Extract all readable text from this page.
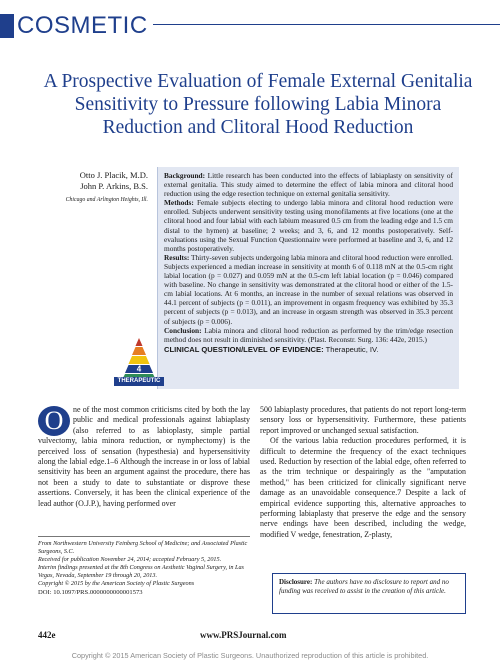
COSMETIC
A Prospective Evaluation of Female External Genitalia Sensitivity to Pressure following Labia Minora Reduction and Clitoral Hood Reduction
Otto J. Placik, M.D.
John P. Arkins, B.S.
Chicago and Arlington Heights, Ill.

Background: Little research has been conducted into the effects of labiaplasty on sensitivity of external genitalia. This study aimed to determine the effect of labia minora and clitoral hood reduction using the edge resection technique on external genitalia sensitivity.

Methods: Female subjects electing to undergo labia minora and clitoral hood reduction were enrolled. Subjects underwent sensitivity testing using monofilaments at five locations (one at the clitoral hood and four labial with each labium measured 0.5 cm from the leading edge and 1.5 cm distal to the hymen) at baseline; 2 weeks; and 3, 6, and 12 months postoperatively. Self-evaluations using the Sexual Function Questionnaire were performed at baseline and 3, 6, and 12 months postoperatively.

Results: Thirty-seven subjects undergoing labia minora and clitoral hood reduction were enrolled. Subjects experienced a median increase in sensitivity at month 6 of 0.118 mN at the 0.5-cm right labial location (p = 0.027) and 0.059 mN at the 0.5-cm left labial location (p = 0.046) compared with baseline. No change in sensitivity was demonstrated at the clitoral hood or either of the 1.5-cm labial locations. At 6 months, an increase in the number of sexual relations was observed in 44.1 percent of subjects (p = 0.011), an improvement in orgasm frequency was exhibited by 35.3 percent of subjects (p = 0.013), and an increase in orgasm strength was observed in 35.3 percent of subjects (p = 0.006).

Conclusion: Labia minora and clitoral hood reduction as performed by the trim/edge resection method does not result in diminished sensitivity. (Plast. Reconstr. Surg. 136: 442e, 2015.)

CLINICAL QUESTION/LEVEL OF EVIDENCE: Therapeutic, IV.

4
THERAPEUTIC
O	ne of the most common criticisms cited by both the lay public and medical professionals against labiaplasty (also referred to as labioplasty, simple partial vulvectomy, labia minora reduction, or nymphectomy) is the perceived loss of sensation (hypesthesia) and hypersensitivity along the labial edge.1–6 Although the increase in or loss of labial sensitivity has been an argument against the procedure, there has not been a study to date to substantiate or disprove these assertions. Conversely, it has been the clinical experience of the lead author (O.J.P.), having performed over

500 labiaplasty procedures, that patients do not report long-term sensory loss or hypersensitivity. Furthermore, these patients report improved or unchanged sexual satisfaction.

Of the various labia reduction procedures performed, it is difficult to determine the frequency of the exact techniques used. Reduction by resection of the labial edge, often referred to as the trim technique or despairingly as the "amputation method," has been criticized for clinically significant nerve damage as an unavoidable consequence.7 Despite a lack of empirical evidence supporting this, alternative approaches to performing labiaplasty that preserve the edge and the sensory nerve endings have been described, including the wedge, modified V wedge, fenestration, Z-plasty,

From Northwestern University Feinberg School of Medicine; and Associated Plastic Surgeons, S.C.

Received for publication November 24, 2014; accepted February 5, 2015.

Interim findings presented at the 8th Congress on Aesthetic Vaginal Surgery, in Las Vegas, Nevada, September 19 through 20, 2013.

Copyright © 2015 by the American Society of Plastic Surgeons

DOI: 10.1097/PRS.0000000000001573

Disclosure: The authors have no disclosure to report and no funding was received to assist in the creation of this article.
442e	www.PRSJournal.com
Copyright © 2015 American Society of Plastic Surgeons. Unauthorized reproduction of this article is prohibited.
